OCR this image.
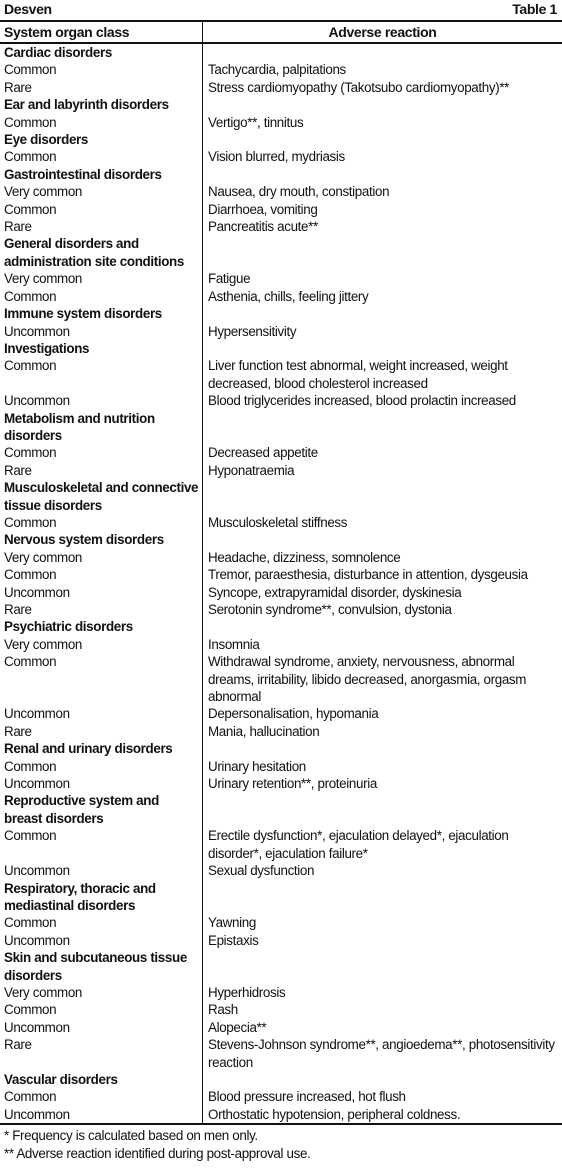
Desven	Table 1
System organ class	Adverse reaction
Cardiac disorders
Common	Tachycardia, palpitations
Rare	Stress cardiomyopathy (Takotsubo cardiomyopathy)**
Ear and labyrinth disorders
Common	Vertigo**, tinnitus
Eye disorders
Common	Vision blurred, mydriasis
Gastrointestinal disorders
Very common	Nausea, dry mouth, constipation
Common	Diarrhoea, vomiting
Rare	Pancreatitis acute**
General disorders and administration site conditions
Very common	Fatigue
Common	Asthenia, chills, feeling jittery
Immune system disorders
Uncommon	Hypersensitivity
Investigations
Common	Liver function test abnormal, weight increased, weight decreased, blood cholesterol increased
Uncommon	Blood triglycerides increased, blood prolactin increased
Metabolism and nutrition disorders
Common	Decreased appetite
Rare	Hyponatraemia
Musculoskeletal and connective tissue disorders
Common	Musculoskeletal stiffness
Nervous system disorders
Very common	Headache, dizziness, somnolence
Common	Tremor, paraesthesia, disturbance in attention, dysgeusia
Uncommon	Syncope, extrapyramidal disorder, dyskinesia
Rare	Serotonin syndrome**, convulsion, dystonia
Psychiatric disorders
Very common	Insomnia
Common	Withdrawal syndrome, anxiety, nervousness, abnormal dreams, irritability, libido decreased, anorgasmia, orgasm abnormal
Uncommon	Depersonalisation, hypomania
Rare	Mania, hallucination
Renal and urinary disorders
Common	Urinary hesitation
Uncommon	Urinary retention**, proteinuria
Reproductive system and breast disorders
Common	Erectile dysfunction*, ejaculation delayed*, ejaculation disorder*, ejaculation failure*
Uncommon	Sexual dysfunction
Respiratory, thoracic and mediastinal disorders
Common	Yawning
Uncommon	Epistaxis
Skin and subcutaneous tissue disorders
Very common	Hyperhidrosis
Common	Rash
Uncommon	Alopecia**
Rare	Stevens-Johnson syndrome**, angioedema**, photosensitivity reaction
Vascular disorders
Common	Blood pressure increased, hot flush
Uncommon	Orthostatic hypotension, peripheral coldness.
* Frequency is calculated based on men only.
** Adverse reaction identified during post-approval use.
